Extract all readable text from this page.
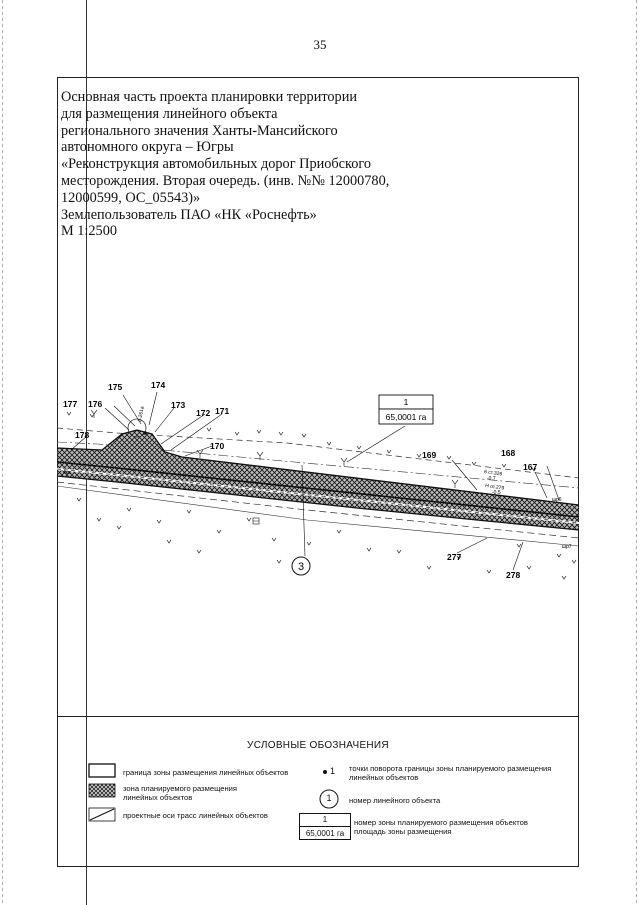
35
Основная часть проекта планировки территории
для размещения линейного объекта
регионального значения Ханты-Мансийского
автономного округа – Югры
«Реконструкция автомобильных дорог Приобского
месторождения. Вторая очередь. (инв. №№ 12000780,
12000599, ОС_05543)»
Землепользователь ПАО «НК «Роснефть»
М 1:2500
1
65,0001 га
3
175	174
177 176	173
172 171
178
170
169	168
167
277
278
2-261а
6 ст.326
-0.7
Н от.279
-0.5
4ко
шр6
шр7
УСЛОВНЫЕ ОБОЗНАЧЕНИЯ
граница зоны размещения линейных объектов
зона планируемого размещения линейных объектов
проектные оси трасс линейных объектов
1 точки поворота границы зоны планируемого размещения линейных объектов
1	номер линейного объекта
1
65,0001 га
номер зоны планируемого размещения объектов площадь зоны размещения
